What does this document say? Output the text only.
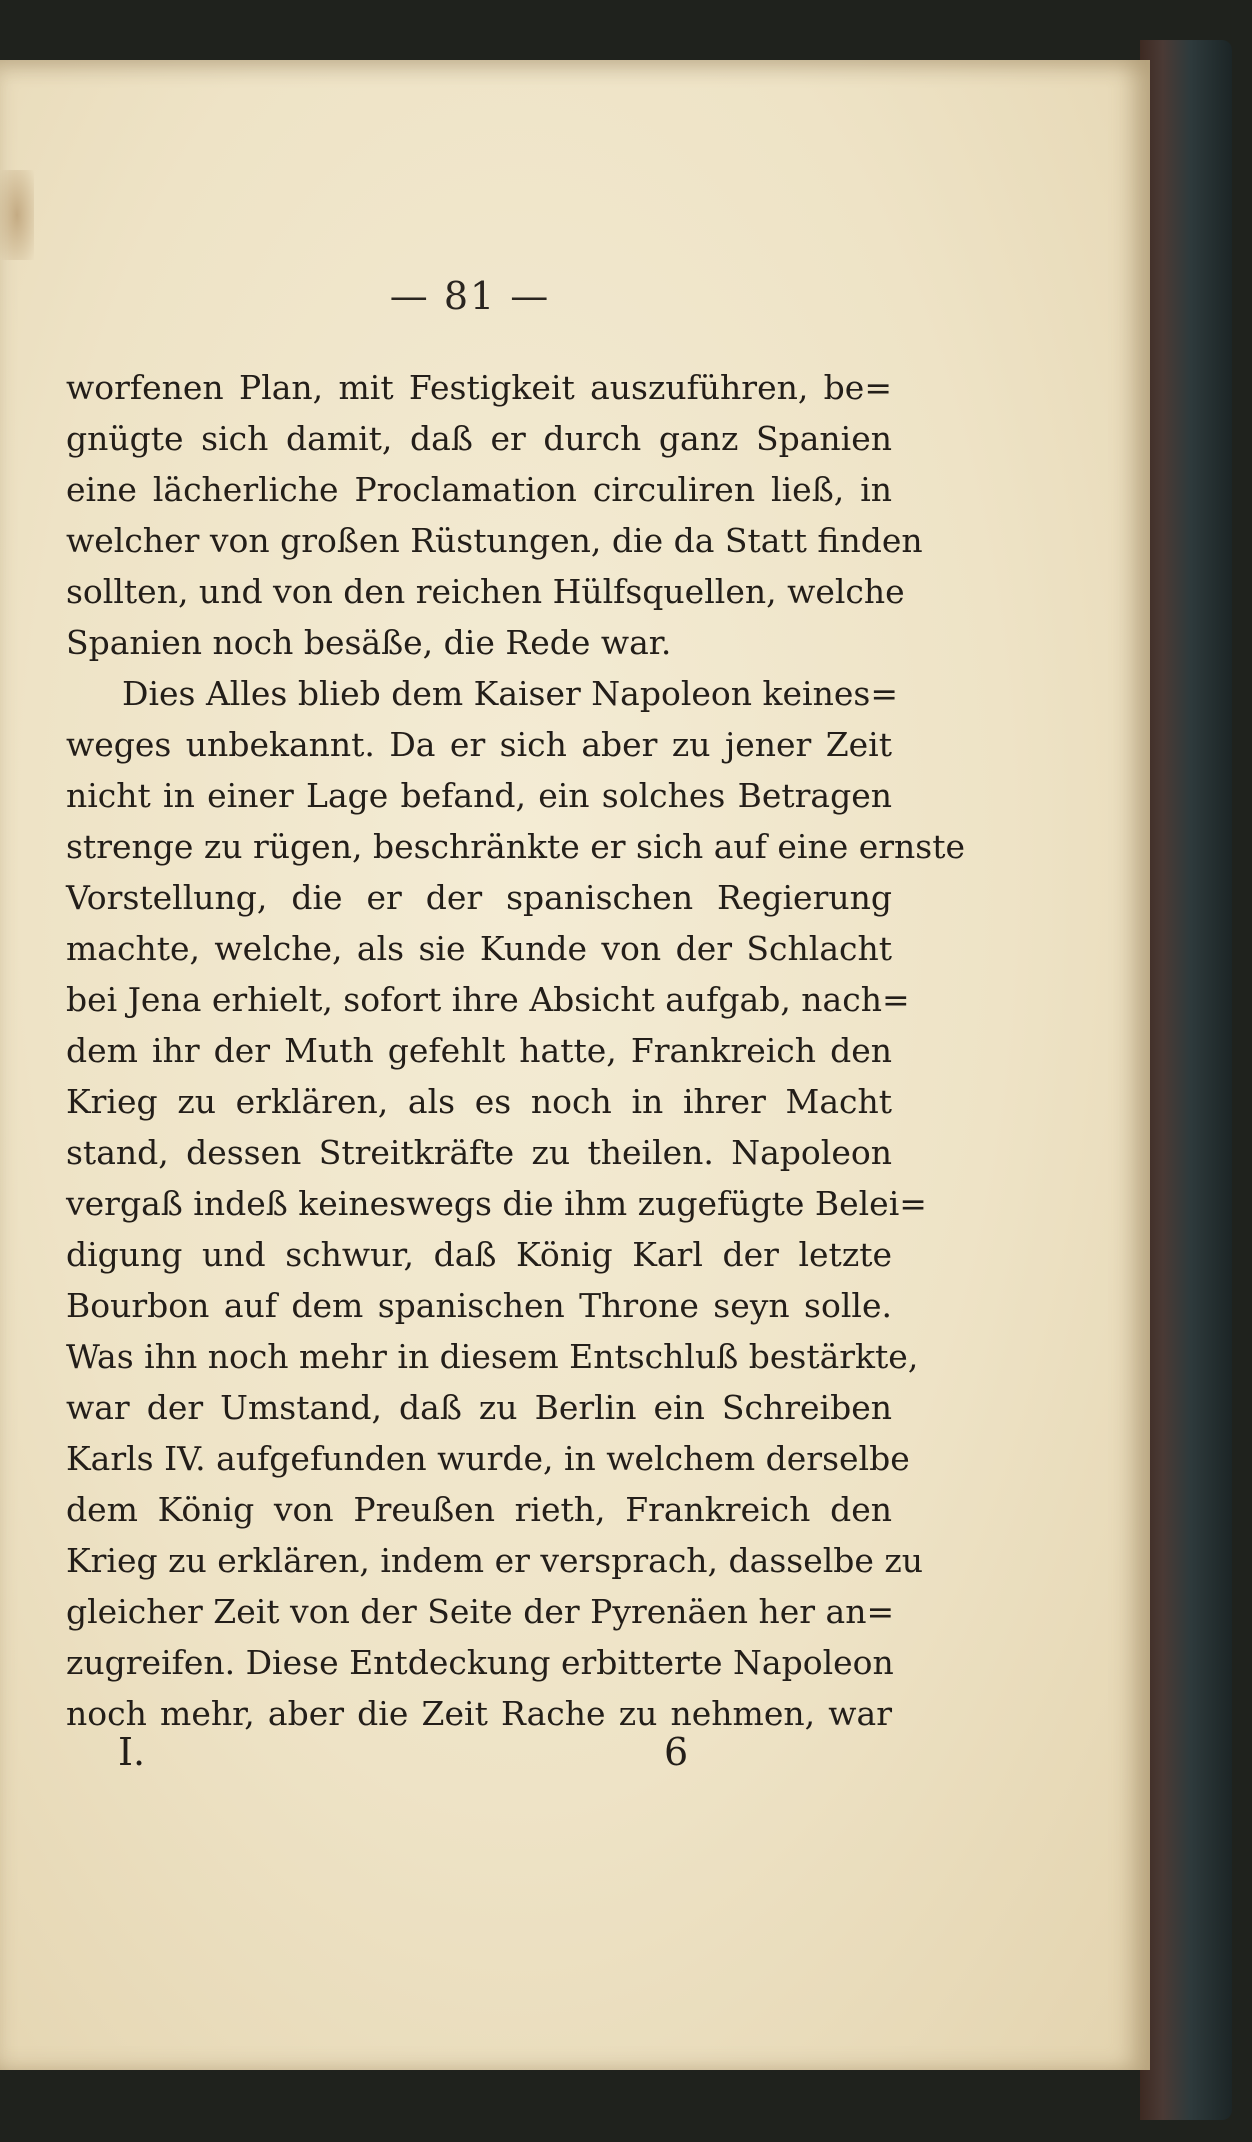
— 81 —
worfenen Plan, mit Festigkeit auszuführen, be=
gnügte sich damit, daß er durch ganz Spanien
eine lächerliche Proclamation circuliren ließ, in
welcher von großen Rüstungen, die da Statt finden
sollten, und von den reichen Hülfsquellen, welche
Spanien noch besäße, die Rede war.
Dies Alles blieb dem Kaiser Napoleon keines=
weges unbekannt. Da er sich aber zu jener Zeit
nicht in einer Lage befand, ein solches Betragen
strenge zu rügen, beschränkte er sich auf eine ernste
Vorstellung, die er der spanischen Regierung
machte, welche, als sie Kunde von der Schlacht
bei Jena erhielt, sofort ihre Absicht aufgab, nach=
dem ihr der Muth gefehlt hatte, Frankreich den
Krieg zu erklären, als es noch in ihrer Macht
stand, dessen Streitkräfte zu theilen. Napoleon
vergaß indeß keineswegs die ihm zugefügte Belei=
digung und schwur, daß König Karl der letzte
Bourbon auf dem spanischen Throne seyn solle.
Was ihn noch mehr in diesem Entschluß bestärkte,
war der Umstand, daß zu Berlin ein Schreiben
Karls IV. aufgefunden wurde, in welchem derselbe
dem König von Preußen rieth, Frankreich den
Krieg zu erklären, indem er versprach, dasselbe zu
gleicher Zeit von der Seite der Pyrenäen her an=
zugreifen. Diese Entdeckung erbitterte Napoleon
noch mehr, aber die Zeit Rache zu nehmen, war
I.	6
